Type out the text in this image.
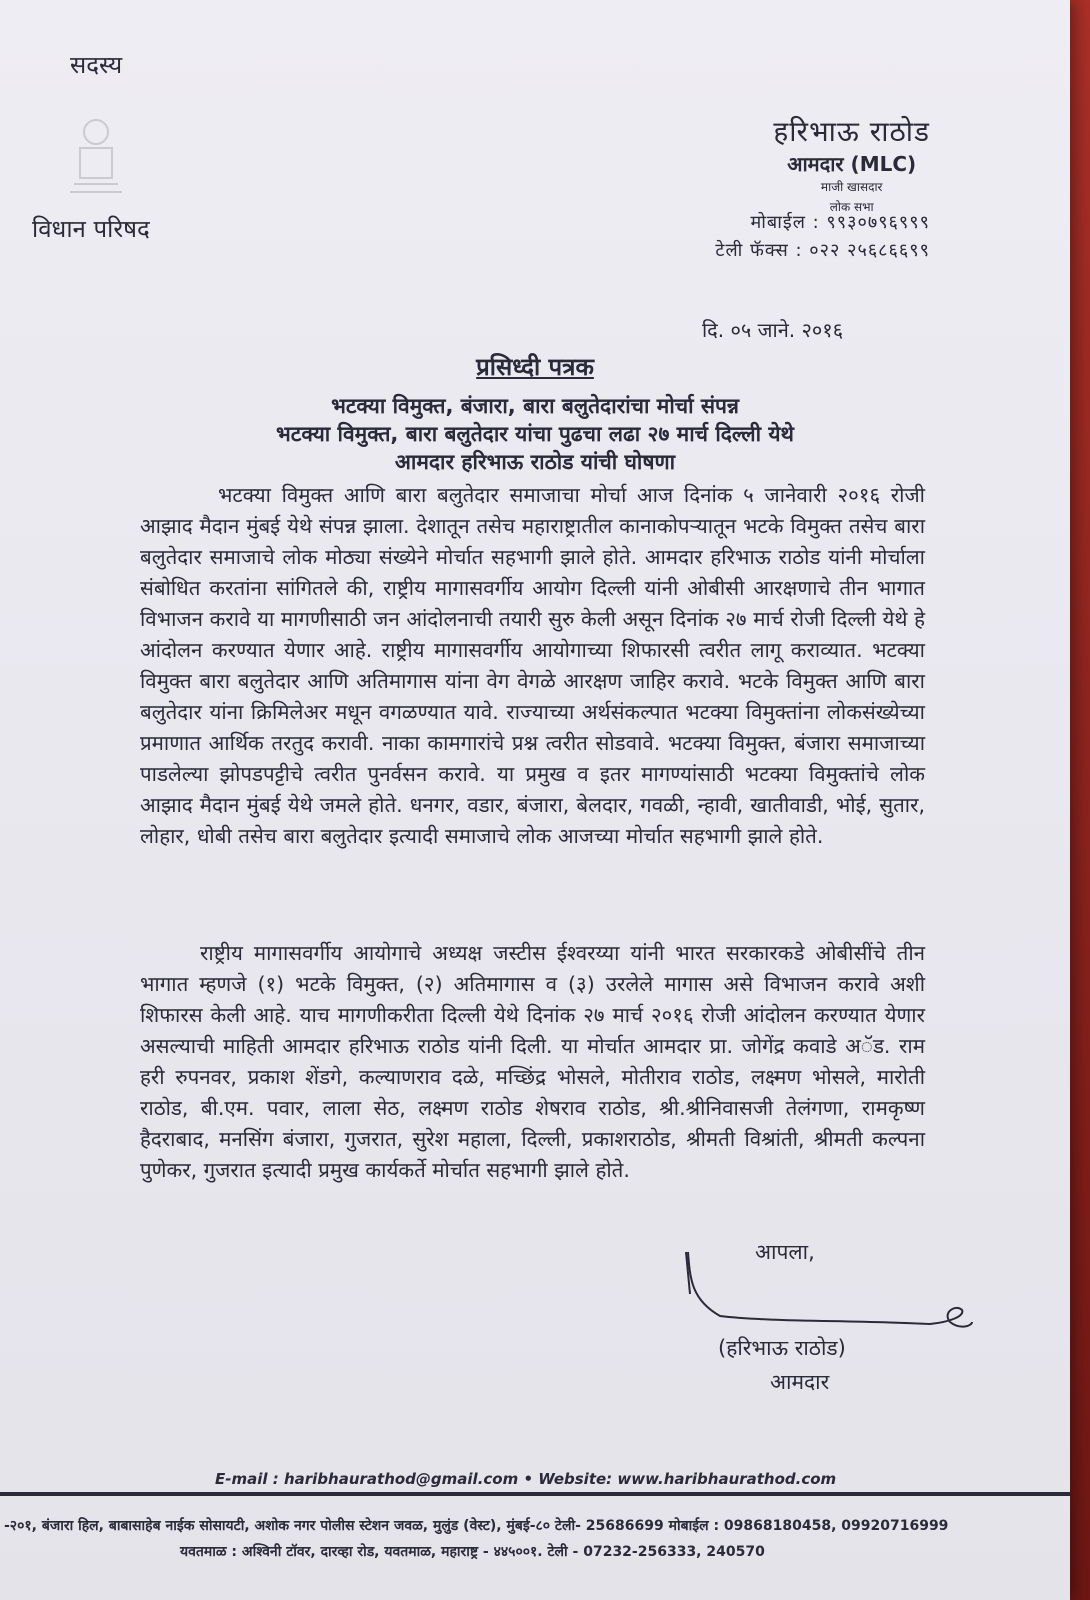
सदस्य
विधान परिषद
हरिभाऊ राठोड
आमदार (MLC)
माजी खासदार
लोक सभा
मोबाईल : ९९३०७९६९९९
टेली फॅक्स : ०२२ २५६८६६९९
दि. ०५ जाने. २०१६
प्रसिध्दी पत्रक
भटक्या विमुक्त, बंजारा, बारा बलुतेदारांचा मोर्चा संपन्न
भटक्या विमुक्त, बारा बलुतेदार यांचा पुढचा लढा २७ मार्च दिल्ली येथे
आमदार हरिभाऊ राठोड यांची घोषणा
भटक्या विमुक्त आणि बारा बलुतेदार समाजाचा मोर्चा आज दिनांक ५ जानेवारी २०१६ रोजी आझाद मैदान मुंबई येथे संपन्न झाला. देशातून तसेच महाराष्ट्रातील कानाकोपऱ्यातून भटके विमुक्त तसेच बारा बलुतेदार समाजाचे लोक मोठ्या संख्येने मोर्चात सहभागी झाले होते. आमदार हरिभाऊ राठोड यांनी मोर्चाला संबोधित करतांना सांगितले की, राष्ट्रीय मागासवर्गीय आयोग दिल्ली यांनी ओबीसी आरक्षणाचे तीन भागात विभाजन करावे या मागणीसाठी जन आंदोलनाची तयारी सुरु केली असून दिनांक २७ मार्च रोजी दिल्ली येथे हे आंदोलन करण्यात येणार आहे. राष्ट्रीय मागासवर्गीय आयोगाच्या शिफारसी त्वरीत लागू कराव्यात. भटक्या विमुक्त बारा बलुतेदार आणि अतिमागास यांना वेग वेगळे आरक्षण जाहिर करावे. भटके विमुक्त आणि बारा बलुतेदार यांना क्रिमिलेअर मधून वगळण्यात यावे. राज्याच्या अर्थसंकल्पात भटक्या विमुक्तांना लोकसंख्येच्या प्रमाणात आर्थिक तरतुद करावी. नाका कामगारांचे प्रश्न त्वरीत सोडवावे. भटक्या विमुक्त, बंजारा समाजाच्या पाडलेल्या झोपडपट्टीचे त्वरीत पुनर्वसन करावे. या प्रमुख व इतर मागण्यांसाठी भटक्या विमुक्तांचे लोक आझाद मैदान मुंबई येथे जमले होते. धनगर, वडार, बंजारा, बेलदार, गवळी, न्हावी, खातीवाडी, भोई, सुतार, लोहार, धोबी तसेच बारा बलुतेदार इत्यादी समाजाचे लोक आजच्या मोर्चात सहभागी झाले होते.
राष्ट्रीय मागासवर्गीय आयोगाचे अध्यक्ष जस्टीस ईश्वरय्या यांनी भारत सरकारकडे ओबीसींचे तीन भागात म्हणजे (१) भटके विमुक्त, (२) अतिमागास व (३) उरलेले मागास असे विभाजन करावे अशी शिफारस केली आहे. याच मागणीकरीता दिल्ली येथे दिनांक २७ मार्च २०१६ रोजी आंदोलन करण्यात येणार असल्याची माहिती आमदार हरिभाऊ राठोड यांनी दिली. या मोर्चात आमदार प्रा. जोगेंद्र कवाडे अॅड. राम हरी रुपनवर, प्रकाश शेंडगे, कल्याणराव दळे, मच्छिंद्र भोसले, मोतीराव राठोड, लक्ष्मण भोसले, मारोती राठोड, बी.एम. पवार, लाला सेठ, लक्ष्मण राठोड शेषराव राठोड, श्री.श्रीनिवासजी तेलंगणा, रामकृष्ण हैदराबाद, मनसिंग बंजारा, गुजरात, सुरेश महाला, दिल्ली, प्रकाशराठोड, श्रीमती विश्रांती, श्रीमती कल्पना पुणेकर, गुजरात इत्यादी प्रमुख कार्यकर्ते मोर्चात सहभागी झाले होते.
आपला,
(हरिभाऊ राठोड)
आमदार
E-mail : haribhaurathod@gmail.com • Website: www.haribhaurathod.com
-२०१, बंजारा हिल, बाबासाहेब नाईक सोसायटी, अशोक नगर पोलीस स्टेशन जवळ, मुलुंड (वेस्ट), मुंबई-८० टेली- 25686699 मोबाईल : 09868180458, 09920716999
यवतमाळ : अश्विनी टॉवर, दारव्हा रोड, यवतमाळ, महाराष्ट्र - ४४५००१. टेली - 07232-256333, 240570
